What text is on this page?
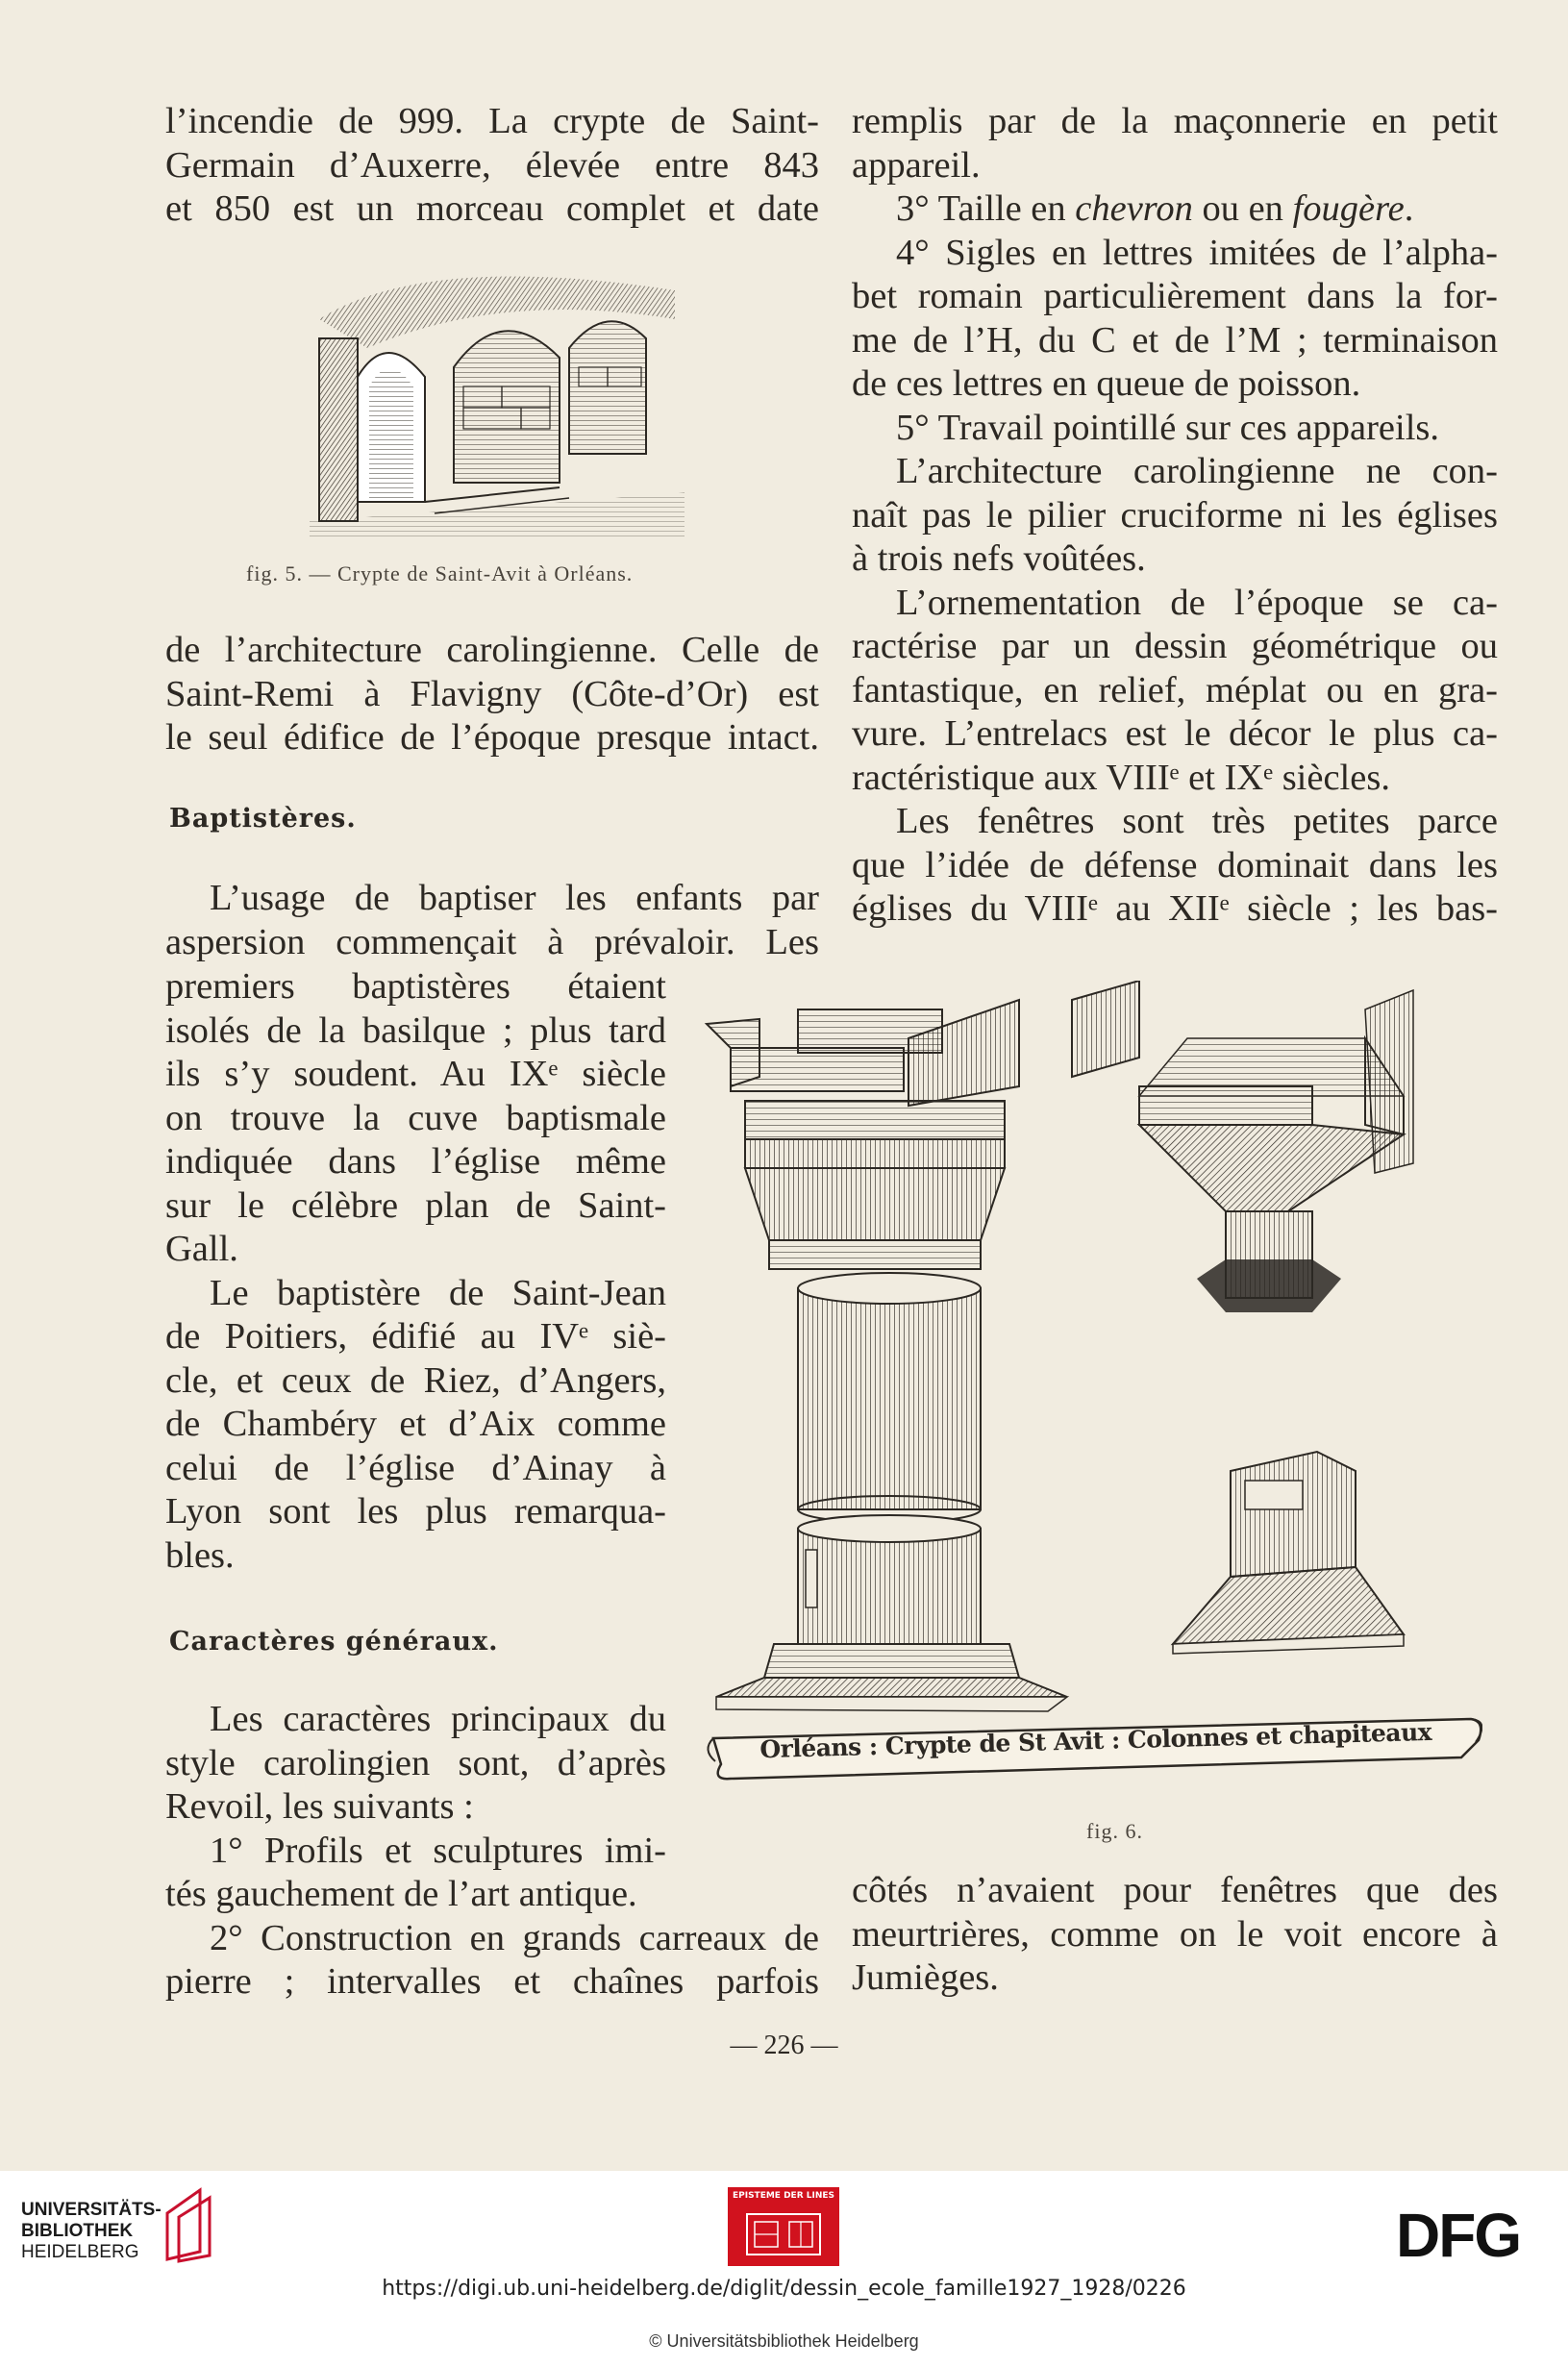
l’incendie de 999. La crypte de Saint-

Germain d’Auxerre, élevée entre 843

et 850 est un morceau complet et date

fig. 5. — Crypte de Saint-Avit à Orléans.

de l’architecture carolingienne. Celle de

Saint-Remi à Flavigny (Côte-d’Or) est

le seul édifice de l’époque presque intact.

Baptistères.

L’usage de baptiser les enfants par

aspersion commençait à prévaloir. Les

premiers baptistères étaient

isolés de la basilque ; plus tard

ils s’y soudent. Au IXᵉ siècle

on trouve la cuve baptismale

indiquée dans l’église même

sur le célèbre plan de Saint-

Gall.

Le baptistère de Saint-Jean

de Poitiers, édifié au IVᵉ siè-

cle, et ceux de Riez, d’Angers,

de Chambéry et d’Aix comme

celui de l’église d’Ainay à

Lyon sont les plus remarqua-

bles.

Caractères généraux.

Les caractères principaux du

style carolingien sont, d’après

Revoil, les suivants :

1° Profils et sculptures imi-

tés gauchement de l’art antique.

2° Construction en grands carreaux de

pierre ; intervalles et chaînes parfois

remplis par de la maçonnerie en petit

appareil.

3° Taille en chevron ou en fougère.

4° Sigles en lettres imitées de l’alpha-

bet romain particulièrement dans la for-

me de l’H, du C et de l’M ; terminaison

de ces lettres en queue de poisson.

5° Travail pointillé sur ces appareils.

L’architecture carolingienne ne con-

naît pas le pilier cruciforme ni les églises

à trois nefs voûtées.

L’ornementation de l’époque se ca-

ractérise par un dessin géométrique ou

fantastique, en relief, méplat ou en gra-

vure. L’entrelacs est le décor le plus ca-

ractéristique aux VIIIᵉ et IXᵉ siècles.

Les fenêtres sont très petites parce

que l’idée de défense dominait dans les

églises du VIIIᵉ au XIIᵉ siècle ; les bas-

Orléans : Crypte de St Avit : Colonnes et chapiteaux
fig. 6.

côtés n’avaient pour fenêtres que des

meurtrières, comme on le voit encore à

Jumièges.

— 226 —
UNIVERSITÄTS-
BIBLIOTHEK
HEIDELBERG
EPISTEME DER LINES
DFG
https://digi.ub.uni-heidelberg.de/diglit/dessin_ecole_famille1927_1928/0226
© Universitätsbibliothek Heidelberg
